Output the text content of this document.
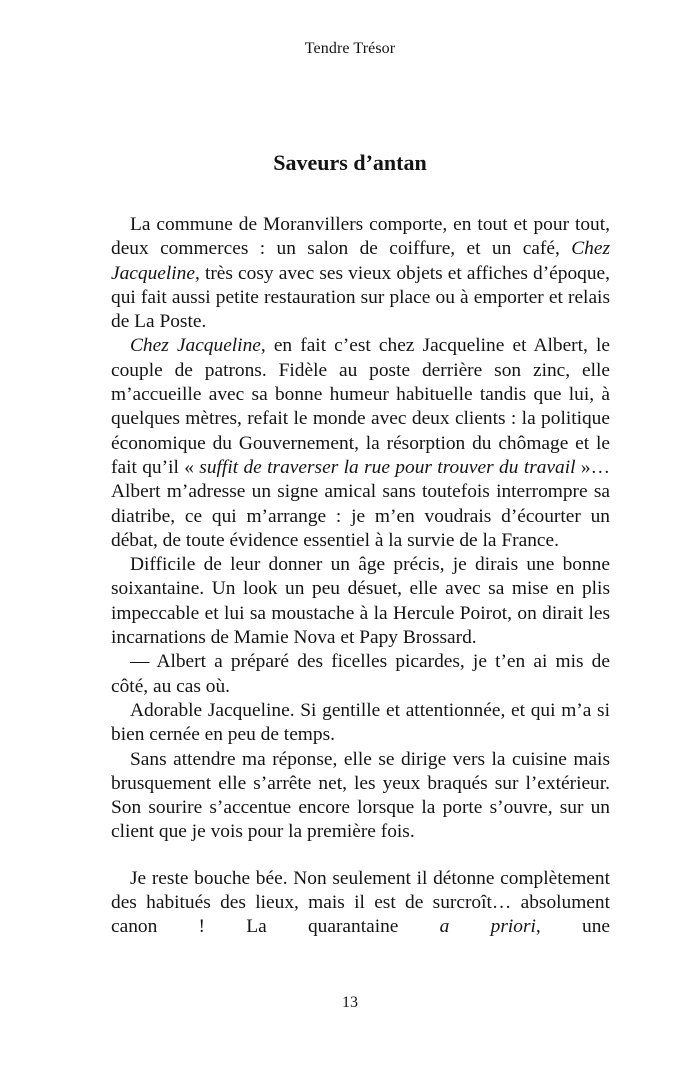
Tendre Trésor
Saveurs d’antan

La commune de Moranvillers comporte, en tout et pour tout, deux commerces : un salon de coiffure, et un café, Chez Jacqueline, très cosy avec ses vieux objets et affiches d’époque, qui fait aussi petite restauration sur place ou à emporter et relais de La Poste.

Chez Jacqueline, en fait c’est chez Jacqueline et Albert, le couple de patrons. Fidèle au poste derrière son zinc, elle m’accueille avec sa bonne humeur habituelle tandis que lui, à quelques mètres, refait le monde avec deux clients : la politique économique du Gouvernement, la résorption du chômage et le fait qu’il « suffit de traverser la rue pour trouver du travail »… Albert m’adresse un signe amical sans toutefois interrompre sa diatribe, ce qui m’arrange : je m’en voudrais d’écourter un débat, de toute évidence essentiel à la survie de la France.

Difficile de leur donner un âge précis, je dirais une bonne soixantaine. Un look un peu désuet, elle avec sa mise en plis impeccable et lui sa moustache à la Hercule Poirot, on dirait les incarnations de Mamie Nova et Papy Brossard.

— Albert a préparé des ficelles picardes, je t’en ai mis de côté, au cas où.

Adorable Jacqueline. Si gentille et attentionnée, et qui m’a si bien cernée en peu de temps.

Sans attendre ma réponse, elle se dirige vers la cuisine mais brusquement elle s’arrête net, les yeux braqués sur l’extérieur. Son sourire s’accentue encore lorsque la porte s’ouvre, sur un client que je vois pour la première fois.

Je reste bouche bée. Non seulement il détonne complètement des habitués des lieux, mais il est de surcroît… absolument canon ! La quarantaine a priori, une

13
